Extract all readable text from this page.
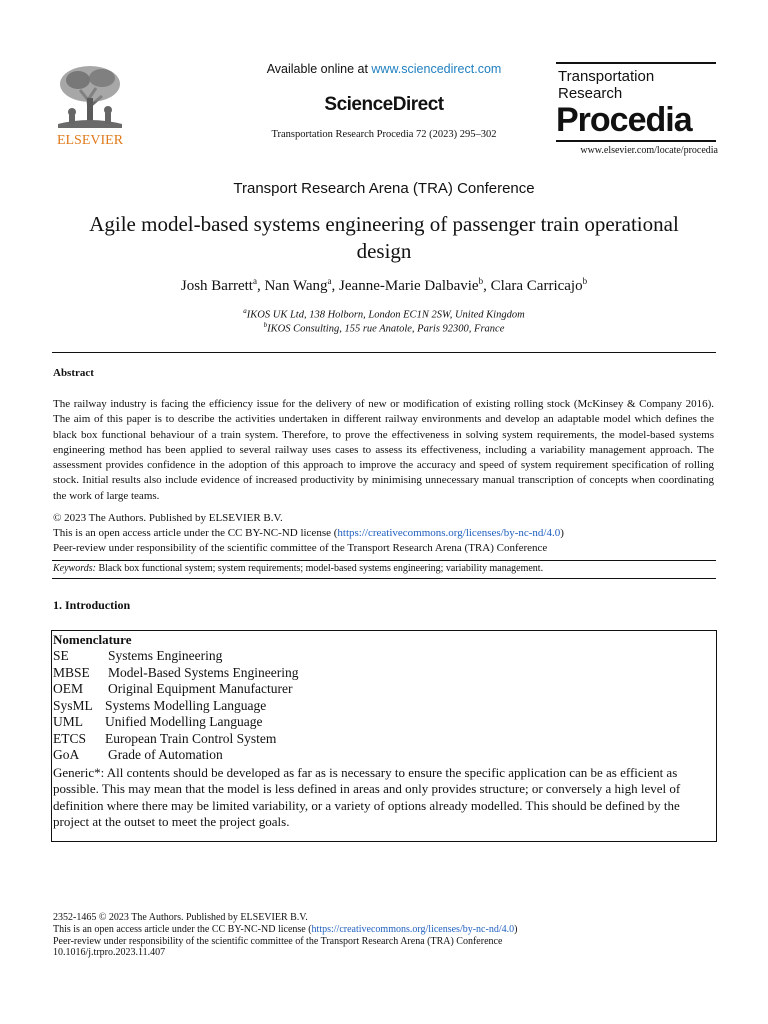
ELSEVIER
Available online at www.sciencedirect.com
ScienceDirect
Transportation Research Procedia 72 (2023) 295–302
Transportation
Research
Procedia
www.elsevier.com/locate/procedia
Transport Research Arena (TRA) Conference
Agile model-based systems engineering of passenger train operational design
Josh Barrett$^a$, Nan Wang$^a$, Jeanne-Marie Dalbavie$^b$, Clara Carricajo$^b$
$^a$IKOS UK Ltd, 138 Holborn, London EC1N 2SW, United Kingdom
$^b$IKOS Consulting, 155 rue Anatole, Paris 92300, France
Abstract
The railway industry is facing the efficiency issue for the delivery of new or modification of existing rolling stock (McKinsey & Company 2016). The aim of this paper is to describe the activities undertaken in different railway environments and develop an adaptable model which defines the black box functional behaviour of a train system. Therefore, to prove the effectiveness in solving system requirements, the model-based systems engineering method has been applied to several railway uses cases to assess its effectiveness, including a variability management approach. The assessment provides confidence in the adoption of this approach to improve the accuracy and speed of system requirement specification of rolling stock. Initial results also include evidence of increased productivity by minimising unnecessary manual transcription of concepts when coordinating the work of large teams.
© 2023 The Authors. Published by ELSEVIER B.V.
This is an open access article under the CC BY-NC-ND license (https://creativecommons.org/licenses/by-nc-nd/4.0)
Peer-review under responsibility of the scientific committee of the Transport Research Arena (TRA) Conference
Keywords: Black box functional system; system requirements; model-based systems engineering; variability management.
1. Introduction
Nomenclature
SE	Systems Engineering
MBSE Model-Based Systems Engineering
OEM Original Equipment Manufacturer
SysML Systems Modelling Language
UML Unified Modelling Language
ETCS European Train Control System
GoA Grade of Automation
Generic*: All contents should be developed as far as is necessary to ensure the specific application can be as efficient as possible. This may mean that the model is less defined in areas and only provides structure; or conversely a high level of definition where there may be limited variability, or a variety of options already modelled. This should be defined by the project at the outset to meet the project goals.
2352-1465 © 2023 The Authors. Published by ELSEVIER B.V.
This is an open access article under the CC BY-NC-ND license (https://creativecommons.org/licenses/by-nc-nd/4.0)
Peer-review under responsibility of the scientific committee of the Transport Research Arena (TRA) Conference
10.1016/j.trpro.2023.11.407
